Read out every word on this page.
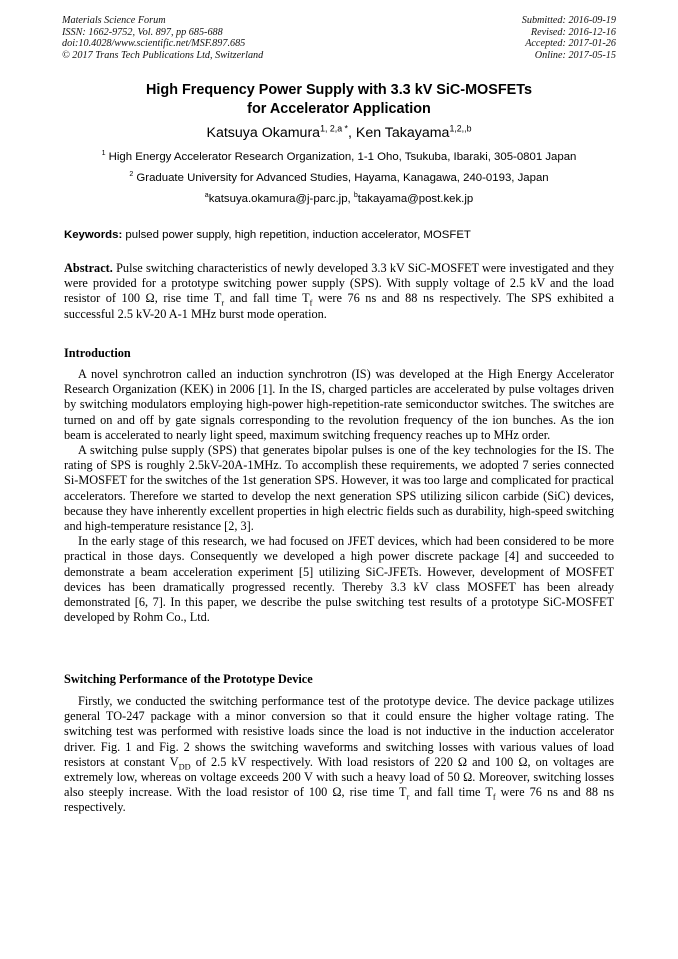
Materials Science Forum
ISSN: 1662-9752, Vol. 897, pp 685-688
doi:10.4028/www.scientific.net/MSF.897.685
© 2017 Trans Tech Publications Ltd, Switzerland
Submitted: 2016-09-19
Revised: 2016-12-16
Accepted: 2017-01-26
Online: 2017-05-15
High Frequency Power Supply with 3.3 kV SiC-MOSFETs
for Accelerator Application
Katsuya Okamura$^{1, 2,a *}$, Ken Takayama$^{1,2,,b}$
$^1$ High Energy Accelerator Research Organization, 1-1 Oho, Tsukuba, Ibaraki, 305-0801 Japan
$^2$ Graduate University for Advanced Studies, Hayama, Kanagawa, 240-0193, Japan
$^a$katsuya.okamura@j-parc.jp, $^b$takayama@post.kek.jp
Keywords: pulsed power supply, high repetition, induction accelerator, MOSFET

Abstract. Pulse switching characteristics of newly developed 3.3 kV SiC-MOSFET were investigated and they were provided for a prototype switching power supply (SPS). With supply voltage of 2.5 kV and the load resistor of 100 Ω, rise time $T_r$ and fall time $T_f$ were 76 ns and 88 ns respectively. The SPS exhibited a successful 2.5 kV-20 A-1 MHz burst mode operation.

Introduction

A novel synchrotron called an induction synchrotron (IS) was developed at the High Energy Accelerator Research Organization (KEK) in 2006 [1]. In the IS, charged particles are accelerated by pulse voltages driven by switching modulators employing high-power high-repetition-rate semiconductor switches. The switches are turned on and off by gate signals corresponding to the revolution frequency of the ion bunches. As the ion beam is accelerated to nearly light speed, maximum switching frequency reaches up to MHz order.

A switching pulse supply (SPS) that generates bipolar pulses is one of the key technologies for the IS. The rating of SPS is roughly 2.5kV-20A-1MHz. To accomplish these requirements, we adopted 7 series connected Si-MOSFET for the switches of the 1st generation SPS. However, it was too large and complicated for practical accelerators. Therefore we started to develop the next generation SPS utilizing silicon carbide (SiC) devices, because they have inherently excellent properties in high electric fields such as durability, high-speed switching and high-temperature resistance [2, 3].

In the early stage of this research, we had focused on JFET devices, which had been considered to be more practical in those days. Consequently we developed a high power discrete package [4] and succeeded to demonstrate a beam acceleration experiment [5] utilizing SiC-JFETs. However, development of MOSFET devices has been dramatically progressed recently. Thereby 3.3 kV class MOSFET has been already demonstrated [6, 7]. In this paper, we describe the pulse switching test results of a prototype SiC-MOSFET developed by Rohm Co., Ltd.

Switching Performance of the Prototype Device

Firstly, we conducted the switching performance test of the prototype device. The device package utilizes general TO-247 package with a minor conversion so that it could ensure the higher voltage rating. The switching test was performed with resistive loads since the load is not inductive in the induction accelerator driver. Fig. 1 and Fig. 2 shows the switching waveforms and switching losses with various values of load resistors at constant $V_{DD}$ of 2.5 kV respectively. With load resistors of 220 Ω and 100 Ω, on voltages are extremely low, whereas on voltage exceeds 200 V with such a heavy load of 50 Ω. Moreover, switching losses also steeply increase. With the load resistor of 100 Ω, rise time $T_r$ and fall time $T_f$ were 76 ns and 88 ns respectively.
